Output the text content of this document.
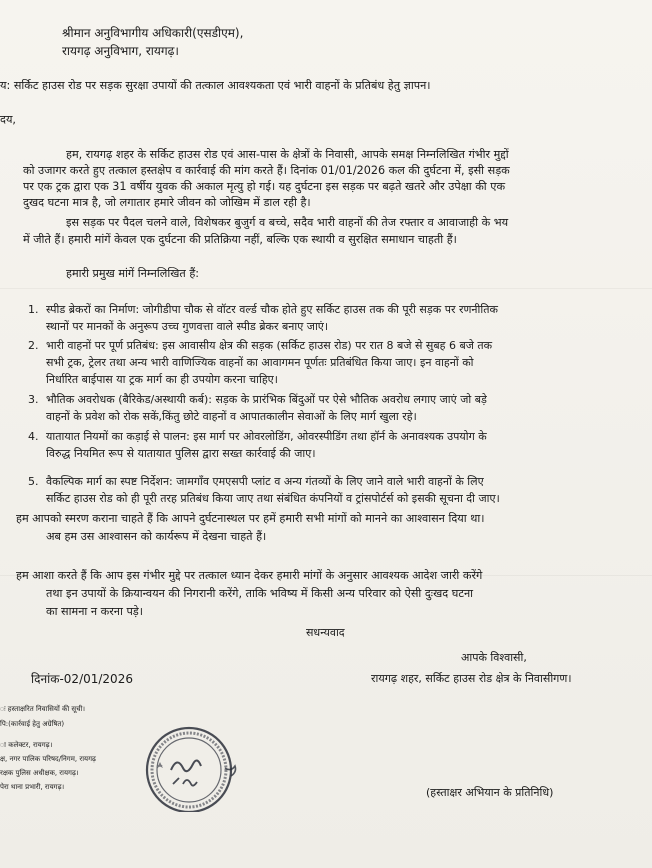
श्रीमान अनुविभागीय अधिकारी(एसडीएम),
रायगढ़ अनुविभाग, रायगढ़।
य: सर्किट हाउस रोड पर सड़क सुरक्षा उपायों की तत्काल आवश्यकता एवं भारी वाहनों के प्रतिबंध हेतु ज्ञापन।
दय,
हम, रायगढ़ शहर के सर्किट हाउस रोड एवं आस-पास के क्षेत्रों के निवासी, आपके समक्ष निम्नलिखित गंभीर मुद्दों
को उजागर करते हुए तत्काल हस्तक्षेप व कार्रवाई की मांग करते हैं। दिनांक 01/01/2026 कल की दुर्घटना में, इसी सड़क
पर एक ट्रक द्वारा एक 31 वर्षीय युवक की अकाल मृत्यु हो गई। यह दुर्घटना इस सड़क पर बढ़ते खतरे और उपेक्षा की एक
दुखद घटना मात्र है, जो लगातार हमारे जीवन को जोखिम में डाल रही है।
इस सड़क पर पैदल चलने वाले, विशेषकर बुजुर्ग व बच्चे, सदैव भारी वाहनों की तेज रफ्तार व आवाजाही के भय
में जीते हैं। हमारी मांगें केवल एक दुर्घटना की प्रतिक्रिया नहीं, बल्कि एक स्थायी व सुरक्षित समाधान चाहती हैं।
हमारी प्रमुख मांगें निम्नलिखित हैं:
1. स्पीड ब्रेकरों का निर्माण: जोगीडीपा चौक से वॉटर वर्ल्ड चौक होते हुए सर्किट हाउस तक की पूरी सड़क पर रणनीतिक
स्थानों पर मानकों के अनुरूप उच्च गुणवत्ता वाले स्पीड ब्रेकर बनाए जाएं।
2. भारी वाहनों पर पूर्ण प्रतिबंध: इस आवासीय क्षेत्र की सड़क (सर्किट हाउस रोड) पर रात 8 बजे से सुबह 6 बजे तक
सभी ट्रक, ट्रेलर तथा अन्य भारी वाणिज्यिक वाहनों का आवागमन पूर्णतः प्रतिबंधित किया जाए। इन वाहनों को
निर्धारित बाईपास या ट्रक मार्ग का ही उपयोग करना चाहिए।
3. भौतिक अवरोधक (बैरिकेड/अस्थायी कर्ब): सड़क के प्रारंभिक बिंदुओं पर ऐसे भौतिक अवरोध लगाए जाएं जो बड़े
वाहनों के प्रवेश को रोक सकें,किंतु छोटे वाहनों व आपातकालीन सेवाओं के लिए मार्ग खुला रहे।
4. यातायात नियमों का कड़ाई से पालन: इस मार्ग पर ओवरलोडिंग, ओवरस्पीडिंग तथा हॉर्न के अनावश्यक उपयोग के
विरुद्ध नियमित रूप से यातायात पुलिस द्वारा सख्त कार्रवाई की जाए।
5. वैकल्पिक मार्ग का स्पष्ट निर्देशन: जामगाँव एमएसपी प्लांट व अन्य गंतव्यों के लिए जाने वाले भारी वाहनों के लिए
सर्किट हाउस रोड को ही पूरी तरह प्रतिबंध किया जाए तथा संबंधित कंपनियों व ट्रांसपोर्टर्स को इसकी सूचना दी जाए।
हम आपको स्मरण कराना चाहते हैं कि आपने दुर्घटनास्थल पर हमें हमारी सभी मांगों को मानने का आश्वासन दिया था।
अब हम उस आश्वासन को कार्यरूप में देखना चाहते हैं।
हम आशा करते हैं कि आप इस गंभीर मुद्दे पर तत्काल ध्यान देकर हमारी मांगों के अनुसार आवश्यक आदेश जारी करेंगे
तथा इन उपायों के क्रियान्वयन की निगरानी करेंगे, ताकि भविष्य में किसी अन्य परिवार को ऐसी दुःखद घटना
का सामना न करना पड़े।
सधन्यवाद
आपके विश्वासी,
रायगढ़ शहर, सर्किट हाउस रोड क्षेत्र के निवासीगण।
दिनांक-02/01/2026
ः हस्ताक्षरित निवासियों की सूची।
पि:(कार्रवाई हेतु अग्रेषित)
ा कलेक्टर, रायगढ़।
क्ष, नगर पालिक परिषद/निगम, रायगढ़
रक्षक पुलिस अधीक्षक, रायगढ़।
पेरा थाना प्रभारी, रायगढ़।	(हस्ताक्षर अभियान के प्रतिनिधि)
